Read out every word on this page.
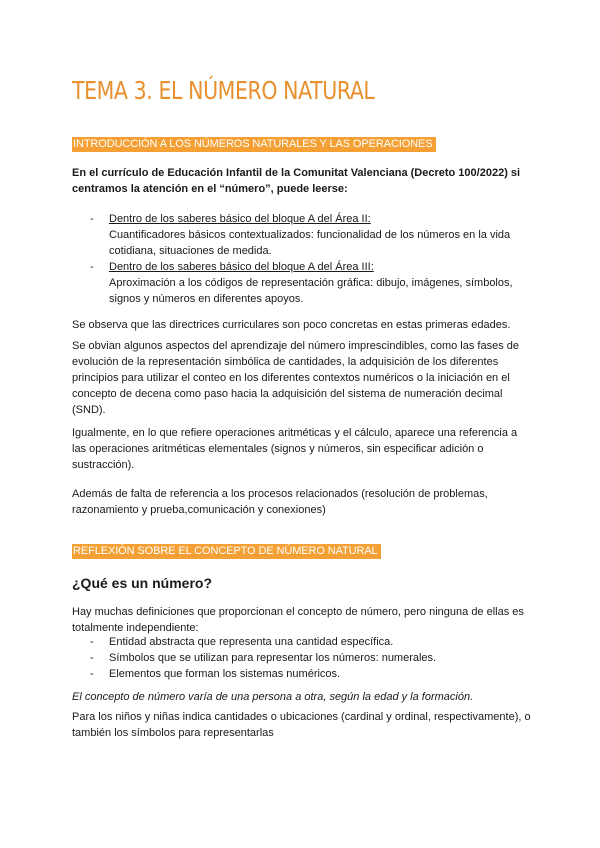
TEMA 3. EL NÚMERO NATURAL
INTRODUCCIÓN A LOS NÚMEROS NATURALES Y LAS OPERACIONES
En el currículo de Educación Infantil de la Comunitat Valenciana (Decreto 100/2022) si centramos la atención en el “número”, puede leerse:
- Dentro de los saberes básico del bloque A del Área II:
Cuantificadores básicos contextualizados: funcionalidad de los números en la vida cotidiana, situaciones de medida.
- Dentro de los saberes básico del bloque A del Área III:
Aproximación a los códigos de representación gráfica: dibujo, imágenes, símbolos, signos y números en diferentes apoyos.
Se observa que las directrices curriculares son poco concretas en estas primeras edades.
Se obvian algunos aspectos del aprendizaje del número imprescindibles, como las fases de evolución de la representación simbólica de cantidades, la adquisición de los diferentes principios para utilizar el conteo en los diferentes contextos numéricos o la iniciación en el concepto de decena como paso hacia la adquisición del sistema de numeración decimal (SND).
Igualmente, en lo que refiere operaciones aritméticas y el cálculo, aparece una referencia a las operaciones aritméticas elementales (signos y números, sin especificar adición o sustracción).
Además de falta de referencia a los procesos relacionados (resolución de problemas, razonamiento y prueba,comunicación y conexiones)
REFLEXIÓN SOBRE EL CONCEPTO DE NÚMERO NATURAL
¿Qué es un número?
Hay muchas definiciones que proporcionan el concepto de número, pero ninguna de ellas es totalmente independiente:
- Entidad abstracta que representa una cantidad específica.
- Símbolos que se utilizan para representar los números: numerales.
- Elementos que forman los sistemas numéricos.
El concepto de número varía de una persona a otra, según la edad y la formación.
Para los niños y niñas indica cantidades o ubicaciones (cardinal y ordinal, respectivamente), o también los símbolos para representarlas
